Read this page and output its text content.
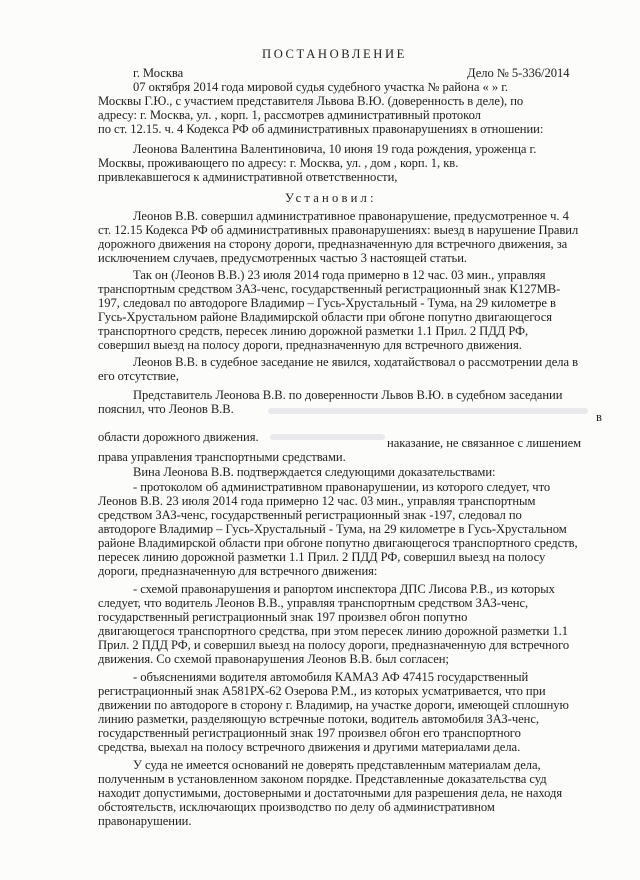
ПОСТАНОВЛЕНИЕ
г. Москва	Дело № 5-336/2014
07 октября 2014 года мировой судья судебного участка № района « » г.
Москвы Г.Ю., с участием представителя Львова В.Ю. (доверенность в деле), по
адресу: г. Москва, ул. , корп. 1, рассмотрев административный протокол
по ст. 12.15. ч. 4 Кодекса РФ об административных правонарушениях в отношении:
Леонова Валентина Валентиновича, 10 июня 19 года рождения, уроженца г.
Москвы, проживающего по адресу: г. Москва, ул. , дом , корп. 1, кв.
привлекавшегося к административной ответственности,
Установил:
Леонов В.В. совершил административное правонарушение, предусмотренное ч. 4
ст. 12.15 Кодекса РФ об административных правонарушениях: выезд в нарушение Правил
дорожного движения на сторону дороги, предназначенную для встречного движения, за
исключением случаев, предусмотренных частью 3 настоящей статьи.
Так он (Леонов В.В.) 23 июля 2014 года примерно в 12 час. 03 мин., управляя
транспортным средством ЗАЗ-ченс, государственный регистрационный знак К127МВ-
197, следовал по автодороге Владимир – Гусь-Хрустальный - Тума, на 29 километре в
Гусь-Хрустальном районе Владимирской области при обгоне попутно двигающегося
транспортного средств, пересек линию дорожной разметки 1.1 Прил. 2 ПДД РФ,
совершил выезд на полосу дороги, предназначенную для встречного движения.
Леонов В.В. в судебное заседание не явился, ходатайствовал о рассмотрении дела в
его отсутствие,
Представитель Леонова В.В. по доверенности Львов В.Ю. в судебном заседании
пояснил, что Леонов В.В.
в
области дорожного движения.	наказание, не связанное с лишением
права управления транспортными средствами.
Вина Леонова В.В. подтверждается следующими доказательствами:
- протоколом об административном правонарушении, из которого следует, что
Леонов В.В. 23 июля 2014 года примерно 12 час. 03 мин., управляя транспортным
средством ЗАЗ-ченс, государственный регистрационный знак -197, следовал по
автодороге Владимир – Гусь-Хрустальный - Тума, на 29 километре в Гусь-Хрустальном
районе Владимирской области при обгоне попутно двигающегося транспортного средств,
пересек линию дорожной разметки 1.1 Прил. 2 ПДД РФ, совершил выезд на полосу
дороги, предназначенную для встречного движения:
- схемой правонарушения и рапортом инспектора ДПС Лисова Р.В., из которых
следует, что водитель Леонов В.В., управляя транспортным средством ЗАЗ-ченс,
государственный регистрационный знак 197 произвел обгон попутно
двигающегося транспортного средства, при этом пересек линию дорожной разметки 1.1
Прил. 2 ПДД РФ, и совершил выезд на полосу дороги, предназначенную для встречного
движения. Со схемой правонарушения Леонов В.В. был согласен;
- объяснениями водителя автомобиля КАМАЗ АФ 47415 государственный
регистрационный знак А581РХ-62 Озерова Р.М., из которых усматривается, что при
движении по автодороге в сторону г. Владимир, на участке дороги, имеющей сплошную
линию разметки, разделяющую встречные потоки, водитель автомобиля ЗАЗ-ченс,
государственный регистрационный знак 197 произвел обгон его транспортного
средства, выехал на полосу встречного движения и другими материалами дела.
У суда не имеется оснований не доверять представленным материалам дела,
полученным в установленном законом порядке. Представленные доказательства суд
находит допустимыми, достоверными и достаточными для разрешения дела, не находя
обстоятельств, исключающих производство по делу об административном
правонарушении.
